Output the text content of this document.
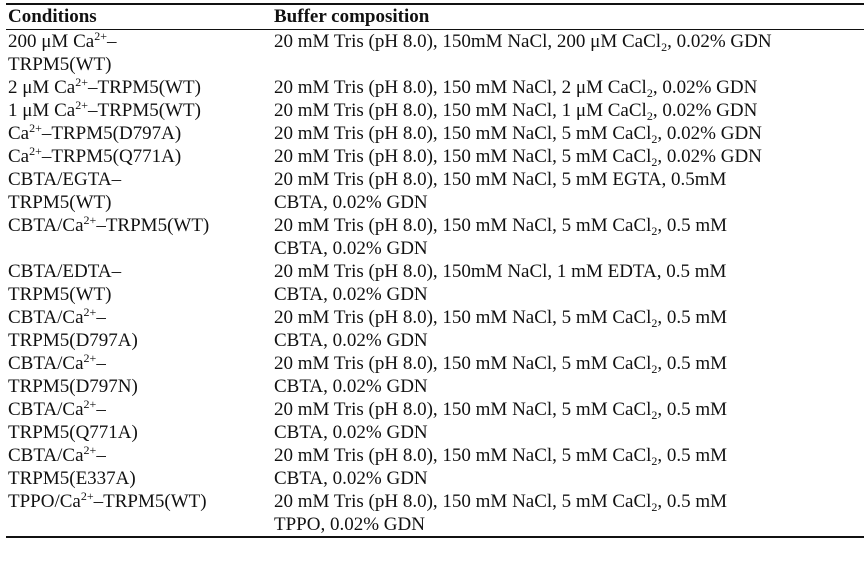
Conditions	Buffer composition
200 μM $Ca^{2+}-$
TRPM5(WT)	20 mM Tris (pH 8.0), 150mM NaCl, 200 μM CaCl$_2$, 0.02% GDN
2 μM $Ca^{2+}-TRPM5(WT)$	20 mM Tris (pH 8.0), 150 mM NaCl, 2 μM CaCl$_2$, 0.02% GDN
1 μM $Ca^{2+}-TRPM5(WT)$	20 mM Tris (pH 8.0), 150 mM NaCl, 1 μM CaCl$_2$, 0.02% GDN
$Ca^{2+}-TRPM5(D797A)$	20 mM Tris (pH 8.0), 150 mM NaCl, 5 mM CaCl$_2$, 0.02% GDN
$Ca^{2+}-TRPM5(Q771A)$	20 mM Tris (pH 8.0), 150 mM NaCl, 5 mM CaCl$_2$, 0.02% GDN
CBTA/EGTA–
TRPM5(WT)	20 mM Tris (pH 8.0), 150 mM NaCl, 5 mM EGTA, 0.5mM
CBTA, 0.02% GDN
CBTA/$Ca^{2+}-TRPM5(WT)$	20 mM Tris (pH 8.0), 150 mM NaCl, 5 mM CaCl$_2$, 0.5 mM
CBTA, 0.02% GDN
CBTA/EDTA–
TRPM5(WT)	20 mM Tris (pH 8.0), 150mM NaCl, 1 mM EDTA, 0.5 mM
CBTA, 0.02% GDN
CBTA/$Ca^{2+}-$
TRPM5(D797A)	20 mM Tris (pH 8.0), 150 mM NaCl, 5 mM CaCl$_2$, 0.5 mM
CBTA, 0.02% GDN
CBTA/$Ca^{2+}-$
TRPM5(D797N)	20 mM Tris (pH 8.0), 150 mM NaCl, 5 mM CaCl$_2$, 0.5 mM
CBTA, 0.02% GDN
CBTA/$Ca^{2+}-$
TRPM5(Q771A)	20 mM Tris (pH 8.0), 150 mM NaCl, 5 mM CaCl$_2$, 0.5 mM
CBTA, 0.02% GDN
CBTA/$Ca^{2+}-$
TRPM5(E337A)	20 mM Tris (pH 8.0), 150 mM NaCl, 5 mM CaCl$_2$, 0.5 mM
CBTA, 0.02% GDN
TPPO/$Ca^{2+}-TRPM5(WT)$	20 mM Tris (pH 8.0), 150 mM NaCl, 5 mM CaCl$_2$, 0.5 mM
TPPO, 0.02% GDN
